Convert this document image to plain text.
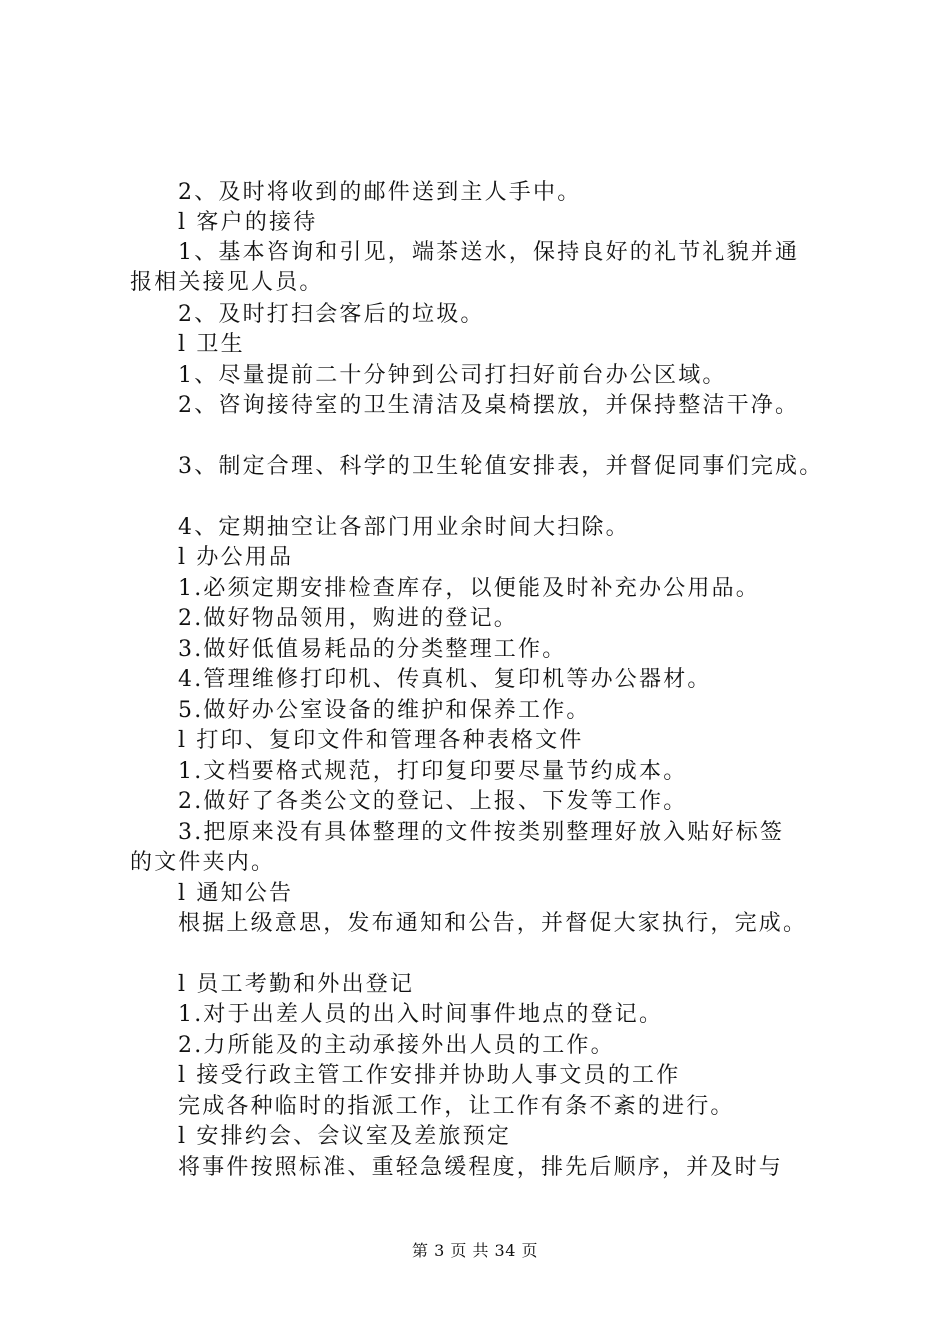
2、及时将收到的邮件送到主人手中。
l 客户的接待
1、基本咨询和引见，端茶送水，保持良好的礼节礼貌并通
报相关接见人员。
2、及时打扫会客后的垃圾。
l 卫生
1、尽量提前二十分钟到公司打扫好前台办公区域。
2、咨询接待室的卫生清洁及桌椅摆放，并保持整洁干净。
3、制定合理、科学的卫生轮值安排表，并督促同事们完成。
4、定期抽空让各部门用业余时间大扫除。
l 办公用品
1.必须定期安排检查库存，以便能及时补充办公用品。
2.做好物品领用，购进的登记。
3.做好低值易耗品的分类整理工作。
4.管理维修打印机、传真机、复印机等办公器材。
5.做好办公室设备的维护和保养工作。
l 打印、复印文件和管理各种表格文件
1.文档要格式规范，打印复印要尽量节约成本。
2.做好了各类公文的登记、上报、下发等工作。
3.把原来没有具体整理的文件按类别整理好放入贴好标签
的文件夹内。
l 通知公告
根据上级意思，发布通知和公告，并督促大家执行，完成。
l 员工考勤和外出登记
1.对于出差人员的出入时间事件地点的登记。
2.力所能及的主动承接外出人员的工作。
l 接受行政主管工作安排并协助人事文员的工作
完成各种临时的指派工作，让工作有条不紊的进行。
l 安排约会、会议室及差旅预定
将事件按照标准、重轻急缓程度，排先后顺序，并及时与
第 3 页 共 34 页
